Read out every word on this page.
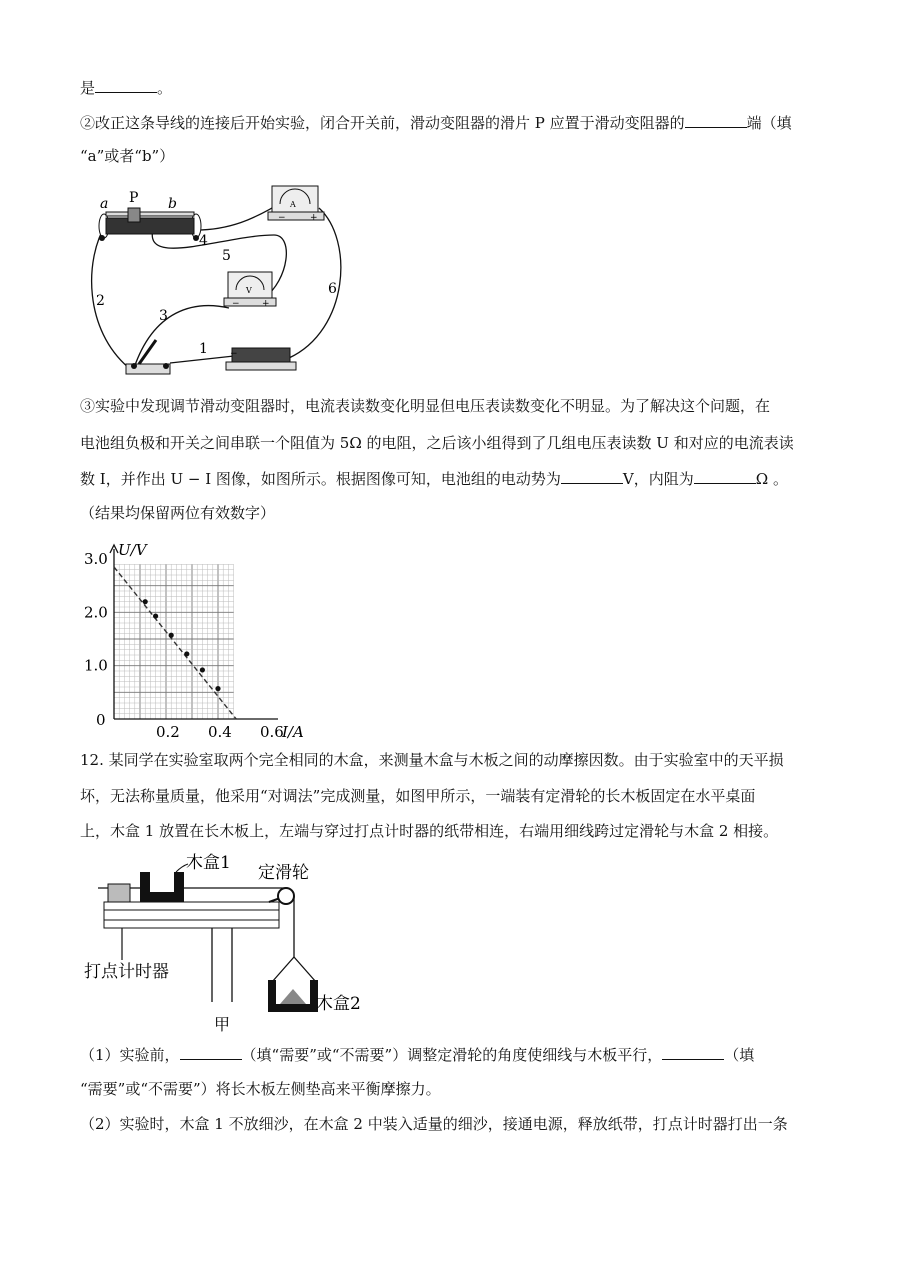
是	。
②改正这条导线的连接后开始实验，闭合开关前，滑动变阻器的滑片 P 应置于滑动变阻器的	端（填
“a”或者“b”）
a P b
1
2
3
4
5
6
A
V
−	+
− +
−
③实验中发现调节滑动变阻器时，电流表读数变化明显但电压表读数变化不明显。为了解决这个问题，在
电池组负极和开关之间串联一个阻值为 5Ω 的电阻，之后该小组得到了几组电压表读数 U 和对应的电流表读
数 I，并作出 U − I 图像，如图所示。根据图像可知，电池组的电动势为	V，内阻为	Ω 。
（结果均保留两位有效数字）
U/V
I/A
0
0.2 0.4 0.6
1.0
2.0
3.0
12. 某同学在实验室取两个完全相同的木盒，来测量木盒与木板之间的动摩擦因数。由于实验室中的天平损
坏，无法称量质量，他采用“对调法”完成测量，如图甲所示，一端装有定滑轮的长木板固定在水平桌面
上，木盒 1 放置在长木板上，左端与穿过打点计时器的纸带相连，右端用细线跨过定滑轮与木盒 2 相接。
木盒1 定滑轮
打点计时器
木盒2
甲
（1）实验前，	（填“需要”或“不需要”）调整定滑轮的角度使细线与木板平行，	（填
“需要”或“不需要”）将长木板左侧垫高来平衡摩擦力。
（2）实验时，木盒 1 不放细沙，在木盒 2 中装入适量的细沙，接通电源，释放纸带，打点计时器打出一条
